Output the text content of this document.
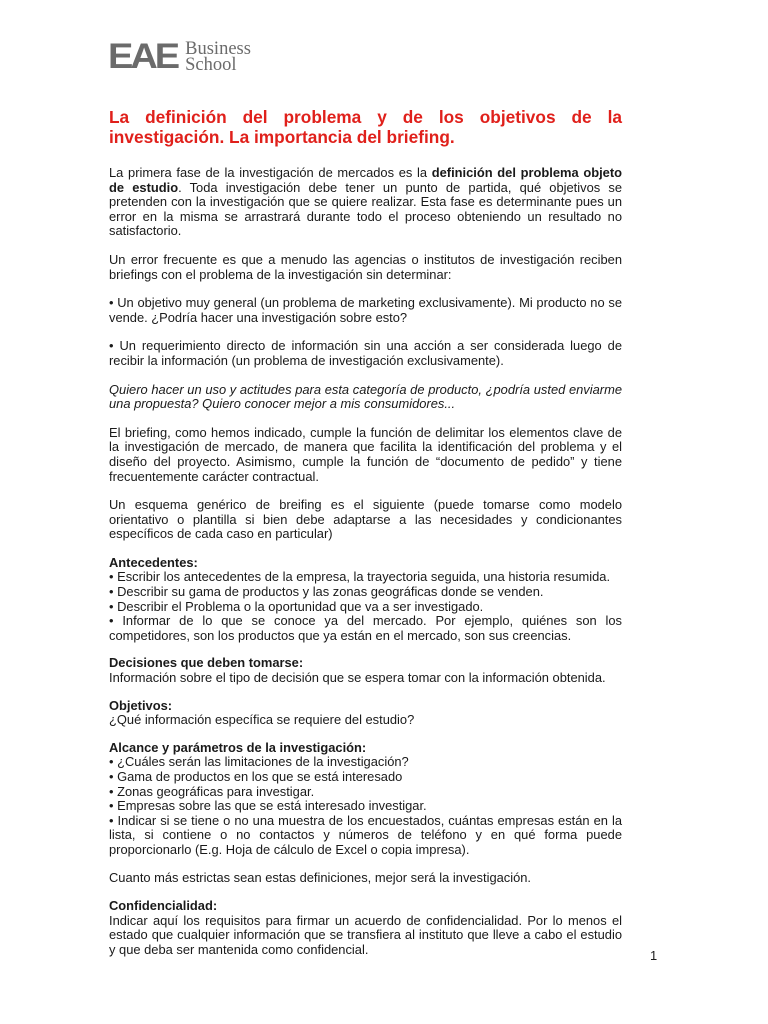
EAE Business
School
La definición del problema y de los objetivos de la investigación. La importancia del briefing.

La primera fase de la investigación de mercados es la definición del problema objeto de estudio. Toda investigación debe tener un punto de partida, qué objetivos se pretenden con la investigación que se quiere realizar. Esta fase es determinante pues un error en la misma se arrastrará durante todo el proceso obteniendo un resultado no satisfactorio.

Un error frecuente es que a menudo las agencias o institutos de investigación reciben briefings con el problema de la investigación sin determinar:

• Un objetivo muy general (un problema de marketing exclusivamente). Mi producto no se vende. ¿Podría hacer una investigación sobre esto?

• Un requerimiento directo de información sin una acción a ser considerada luego de recibir la información (un problema de investigación exclusivamente).

Quiero hacer un uso y actitudes para esta categoría de producto, ¿podría usted enviarme una propuesta? Quiero conocer mejor a mis consumidores...

El briefing, como hemos indicado, cumple la función de delimitar los elementos clave de la investigación de mercado, de manera que facilita la identificación del problema y el diseño del proyecto. Asimismo, cumple la función de “documento de pedido” y tiene frecuentemente carácter contractual.

Un esquema genérico de breifing es el siguiente (puede tomarse como modelo orientativo o plantilla si bien debe adaptarse a las necesidades y condicionantes específicos de cada caso en particular)

Antecedentes:
• Escribir los antecedentes de la empresa, la trayectoria seguida, una historia resumida.
• Describir su gama de productos y las zonas geográficas donde se venden.
• Describir el Problema o la oportunidad que va a ser investigado.
• Informar de lo que se conoce ya del mercado. Por ejemplo, quiénes son los competidores, son los productos que ya están en el mercado, son sus creencias.

Decisiones que deben tomarse:
Información sobre el tipo de decisión que se espera tomar con la información obtenida.

Objetivos:
¿Qué información específica se requiere del estudio?

Alcance y parámetros de la investigación:
• ¿Cuáles serán las limitaciones de la investigación?
• Gama de productos en los que se está interesado
• Zonas geográficas para investigar.
• Empresas sobre las que se está interesado investigar.
• Indicar si se tiene o no una muestra de los encuestados, cuántas empresas están en la lista, si contiene o no contactos y números de teléfono y en qué forma puede proporcionarlo (E.g. Hoja de cálculo de Excel o copia impresa).

Cuanto más estrictas sean estas definiciones, mejor será la investigación.

Confidencialidad:
Indicar aquí los requisitos para firmar un acuerdo de confidencialidad. Por lo menos el estado que cualquier información que se transfiera al instituto que lleve a cabo el estudio y que deba ser mantenida como confidencial.	1
